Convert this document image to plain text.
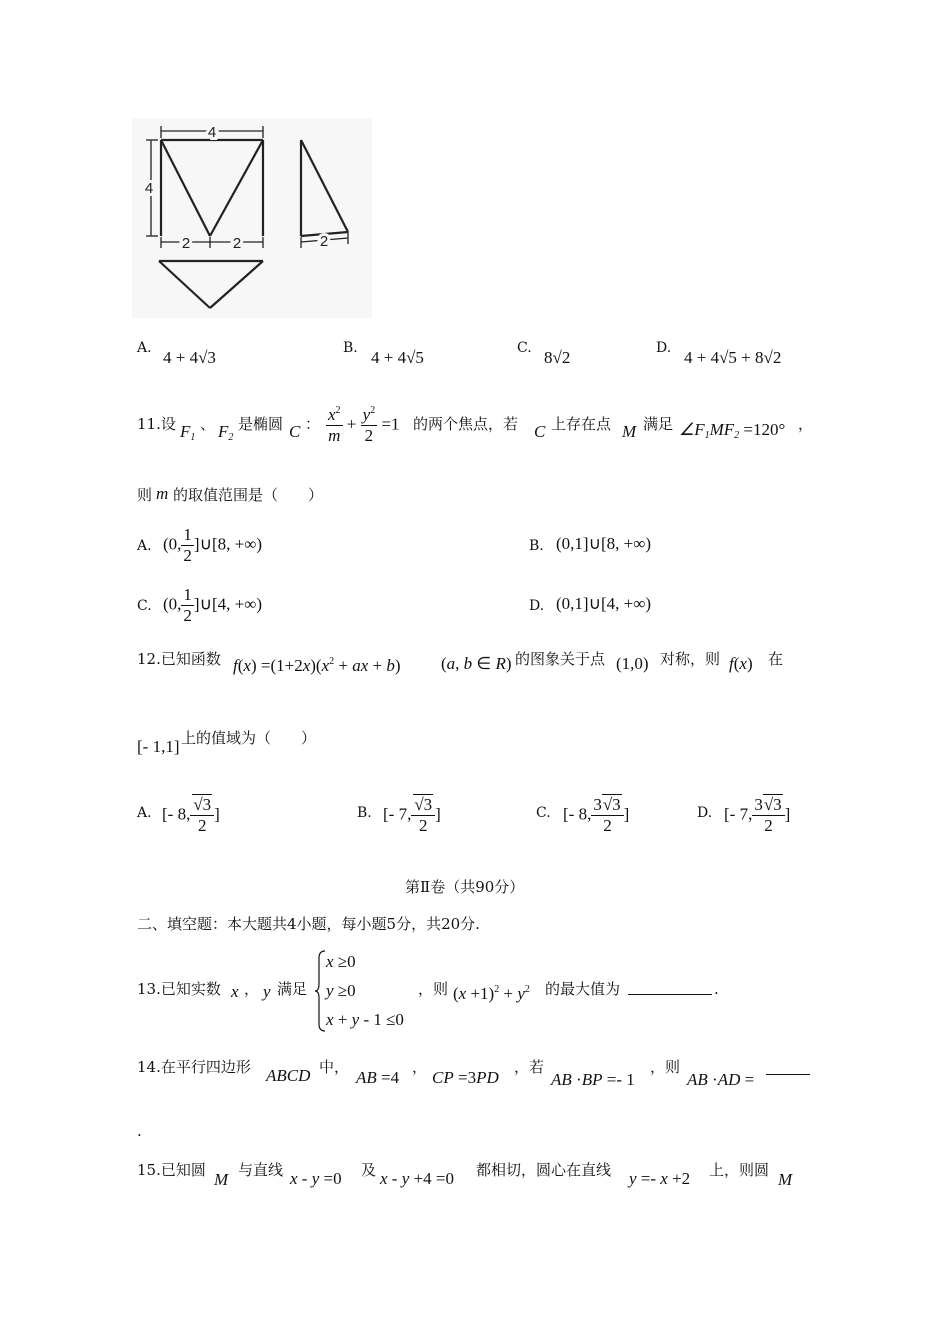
4
4
2	2	2
A. 4 + 4√3	B. 4 + 4√5	C. 8√2	D. 4 + 4√5 + 8√2
11.设 $F_1$
、 $F_2$
是椭圆 C ： $\frac{x^2}{m} + \frac{y^2}{2} =1$ 的两个焦点，若 C 上存在点 M 满足 $\angle F_1MF_2 =120^\circ$ ，
则 m 的取值范围是（　　）
A. (0, $\frac{1}{2}$ ]∪[8, +∞)	B. (0,1]∪[8, +∞)
C. (0, $\frac{1}{2}$ ]∪[4, +∞)	D. (0,1]∪[4, +∞)
12.已知函数 $f(x) =(1+2x)(x^2$ + ax + b) (a, b ∈ R) 的图象关于点 (1,0) 对称，则 f(x) 在
[- 1,1] 上的值域为（　　）
A. [- 8, $\frac{√3}{2}$ ]	B. [- 7, $\frac{√3}{2}$ ]	C. [- 8, $\frac{3√3}{2}$ ]	D. [- 7, $\frac{3√3}{2}$ ]
第Ⅱ卷（共90分）
二、填空题：本大题共4小题，每小题5分，共20分.
13.已知实数 x ， y 满足
x ≥0
y ≥0
x + y - 1 ≤0
，则 $(x +1)^2 + y^2$ 的最大值为	.
14.在平行四边形 ABCD 中，
AB =4
，
CP =3PD
，若
AB ·BP =- 1
，则
AB ·AD =
.
15.已知圆 M 与直线 x - y =0 及 x - y +4 =0 都相切，圆心在直线 y =- x +2 上，则圆 M
